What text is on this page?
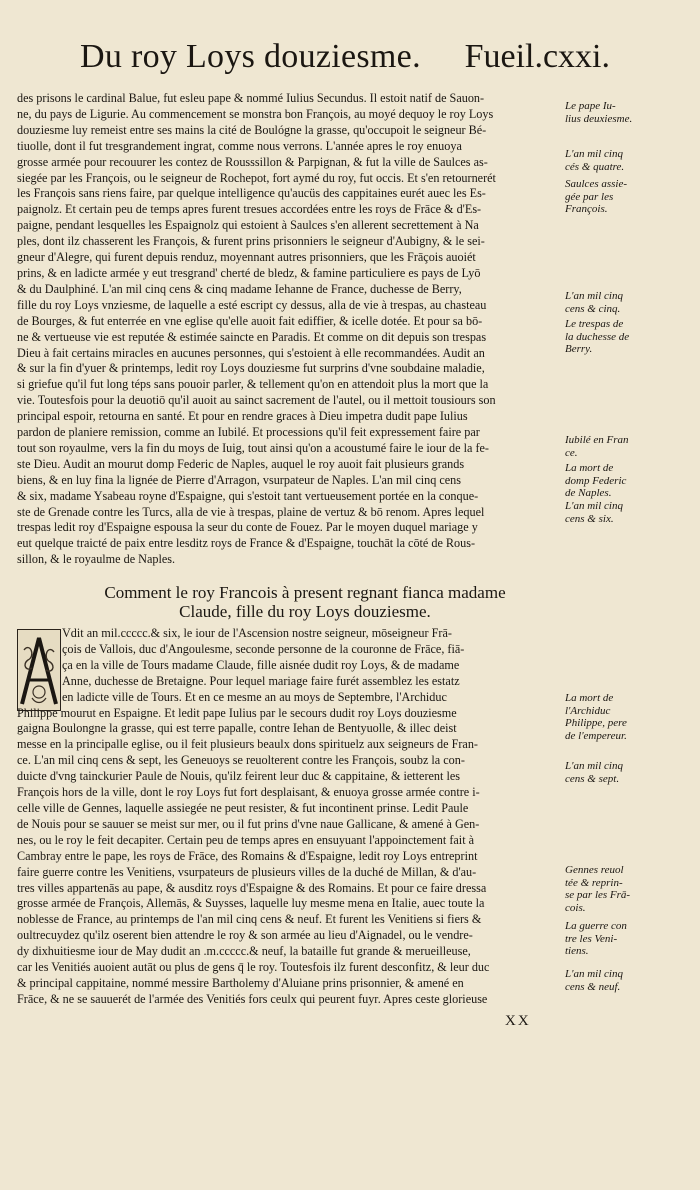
Du roy Loys douziesme. Fueil.cxxi.
des prisons le cardinal Balue, fut esleu pape & nommé Iulius Secundus. Il estoit natif de Sauon-
ne, du pays de Ligurie. Au commencement se monstra bon François, au moyé dequoy le roy Loys
douziesme luy remeist entre ses mains la cité de Boulógne la grasse, qu'occupoit le seigneur Bé-
tiuolle, dont il fut tresgrandement ingrat, comme nous verrons. L'année apres le roy enuoya
grosse armée pour recouurer les contez de Rousssillon & Parpignan, & fut la ville de Saulces as-
siegée par les François, ou le seigneur de Rochepot, fort aymé du roy, fut occis. Et s'en retournerét
les François sans riens faire, par quelque intelligence qu'aucüs des cappitaines eurét auec les Es-
paignolz. Et certain peu de temps apres furent tresues accordées entre les roys de Frāce & d'Es-
paigne, pendant lesquelles les Espaignolz qui estoient à Saulces s'en allerent secrettement à Na
ples, dont ilz chasserent les François, & furent prins prisonniers le seigneur d'Aubigny, & le sei-
gneur d'Alegre, qui furent depuis renduz, moyennant autres prisonniers, que les Frāçois auoiét
prins, & en ladicte armée y eut tresgrand' cherté de bledz, & famine particuliere es pays de Lyō
& du Daulphiné. L'an mil cinq cens & cinq madame Iehanne de France, duchesse de Berry,
fille du roy Loys vnziesme, de laquelle a esté escript cy dessus, alla de vie à trespas, au chasteau
de Bourges, & fut enterrée en vne eglise qu'elle auoit fait ediffier, & icelle dotée. Et pour sa bō-
ne & vertueuse vie est reputée & estimée saincte en Paradis. Et comme on dit depuis son trespas
Dieu à fait certains miracles en aucunes personnes, qui s'estoient à elle recommandées. Audit an
& sur la fin d'yuer & printemps, ledit roy Loys douziesme fut surprins d'vne soubdaine maladie,
si griefue qu'il fut long téps sans pouoir parler, & tellement qu'on en attendoit plus la mort que la
vie. Toutesfois pour la deuotiō qu'il auoit au sainct sacrement de l'autel, ou il mettoit tousiours son
principal espoir, retourna en santé. Et pour en rendre graces à Dieu impetra dudit pape Iulius
pardon de planiere remission, comme an Iubilé. Et processions qu'il feit expressement faire par
tout son royaulme, vers la fin du moys de Iuig, tout ainsi qu'on a acoustumé faire le iour de la fe-
ste Dieu. Audit an mourut domp Federic de Naples, auquel le roy auoit fait plusieurs grands
biens, & en luy fina la lignée de Pierre d'Arragon, vsurpateur de Naples. L'an mil cinq cens
& six, madame Ysabeau royne d'Espaigne, qui s'estoit tant vertueusement portée en la conque-
ste de Grenade contre les Turcs, alla de vie à trespas, plaine de vertuz & bō renom. Apres lequel
trespas ledit roy d'Espaigne espousa la seur du conte de Fouez. Par le moyen duquel mariage y
eut quelque traicté de paix entre lesditz roys de France & d'Espaigne, touchāt la cōté de Rous-
sillon, & le royaulme de Naples.
Comment le roy Francois à present regnant fianca madame
Claude, fille du roy Loys douziesme.
Vdit an mil.ccccc.& six, le iour de l'Ascension nostre seigneur, mōseigneur Frā-
çois de Vallois, duc d'Angoulesme, seconde personne de la couronne de Frāce, fiā-
ça en la ville de Tours madame Claude, fille aisnée dudit roy Loys, & de madame
Anne, duchesse de Bretaigne. Pour lequel mariage faire furét assemblez les estatz
en ladicte ville de Tours. Et en ce mesme an au moys de Septembre, l'Archiduc
Philippe mourut en Espaigne. Et ledit pape Iulius par le secours dudit roy Loys douziesme
gaigna Boulongne la grasse, qui est terre papalle, contre Iehan de Bentyuolle, & illec deist
messe en la principalle eglise, ou il feit plusieurs beaulx dons spirituelz aux seigneurs de Fran-
ce. L'an mil cinq cens & sept, les Geneuoys se reuolterent contre les François, soubz la con-
duicte d'vng tainckurier Paule de Nouis, qu'ilz feirent leur duc & cappitaine, & ietterent les
François hors de la ville, dont le roy Loys fut fort desplaisant, & enuoya grosse armée contre i-
celle ville de Gennes, laquelle assiegée ne peut resister, & fut incontinent prinse. Ledit Paule
de Nouis pour se sauuer se meist sur mer, ou il fut prins d'vne naue Gallicane, & amené à Gen-
nes, ou le roy le feit decapiter. Certain peu de temps apres en ensuyuant l'appoinctement fait à
Cambray entre le pape, les roys de Frāce, des Romains & d'Espaigne, ledit roy Loys entreprint
faire guerre contre les Venitiens, vsurpateurs de plusieurs villes de la duché de Millan, & d'au-
tres villes appartenās au pape, & ausditz roys d'Espaigne & des Romains. Et pour ce faire dressa
grosse armée de François, Allemās, & Suysses, laquelle luy mesme mena en Italie, auec toute la
noblesse de France, au printemps de l'an mil cinq cens & neuf. Et furent les Venitiens si fiers &
oultrecuydez qu'ilz oserent bien attendre le roy & son armée au lieu d'Aignadel, ou le vendre-
dy dixhuitiesme iour de May dudit an .m.ccccc.& neuf, la bataille fut grande & merueilleuse,
car les Venitiés auoient autāt ou plus de gens q̄ le roy. Toutesfois ilz furent desconfitz, & leur duc
& principal cappitaine, nommé messire Bartholemy d'Aluiane prins prisonnier, & amené en
Frāce, & ne se sauuerét de l'armée des Venitiés fors ceulx qui peurent fuyr. Apres ceste glorieuse
Le pape Iu-
lius deuxiesme.
L'an mil cinq
cés & quatre.
Saulces assie-
gée par les
François.
L'an mil cinq
cens & cinq.
Le trespas de
la duchesse de
Berry.
Iubilé en Fran
ce.
La mort de
domp Federic
de Naples.
L'an mil cinq
cens & six.
La mort de
l'Archiduc
Philippe, pere
de l'empereur.
L'an mil cinq
cens & sept.
Gennes reuol
tée & reprin-
se par les Frā-
cois.
La guerre con
tre les Veni-
tiens.
L'an mil cinq
cens & neuf.
XX
